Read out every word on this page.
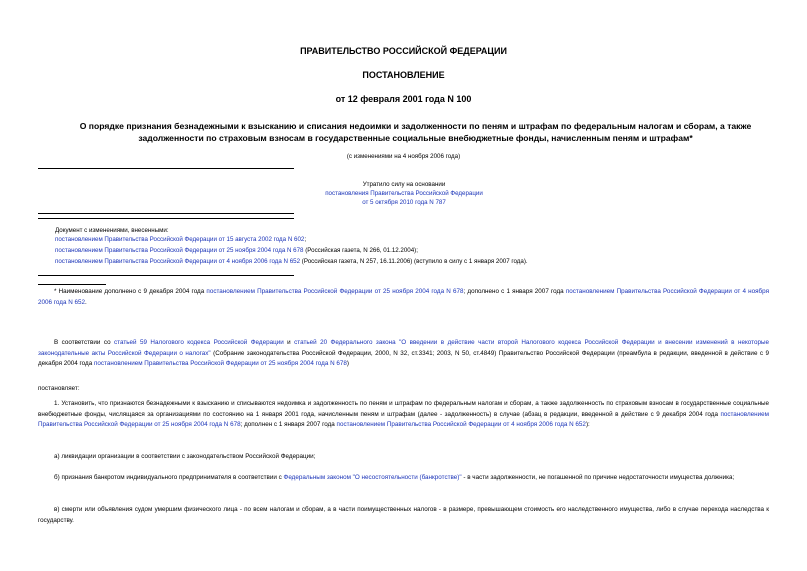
ПРАВИТЕЛЬСТВО РОССИЙСКОЙ ФЕДЕРАЦИИ
ПОСТАНОВЛЕНИЕ
от 12 февраля 2001 года N 100
О порядке признания безнадежными к взысканию и списания недоимки и задолженности по пеням и штрафам по федеральным налогам и сборам, а также
задолженности по страховым взносам в государственные социальные внебюджетные фонды, начисленным пеням и штрафам*
(с изменениями на 4 ноября 2006 года)
Утратило силу на основании
постановления Правительства Российской Федерации
от 5 октября 2010 года N 787
Документ с изменениями, внесенными:
постановлением Правительства Российской Федерации от 15 августа 2002 года N 602;
постановлением Правительства Российской Федерации от 25 ноября 2004 года N 678 (Российская газета, N 266, 01.12.2004);
постановлением Правительства Российской Федерации от 4 ноября 2006 года N 652 (Российская газета, N 257, 16.11.2006) (вступило в силу с 1 января 2007 года).
* Наименование дополнено с 9 декабря 2004 года постановлением Правительства Российской Федерации от 25 ноября 2004 года N 678; дополнено с 1 января 2007 года постановлением Правительства Российской Федерации от 4 ноября 2006 года N 652.
В соответствии со статьей 59 Налогового кодекса Российской Федерации и статьей 20 Федерального закона "О введении в действие части второй Налогового кодекса Российской Федерации и внесении изменений в некоторые законодательные акты Российской Федерации о налогах" (Собрание законодательства Российской Федерации, 2000, N 32, ст.3341; 2003, N 50, ст.4849) Правительство Российской Федерации (преамбула в редакции, введенной в действие с 9 декабря 2004 года постановлением Правительства Российской Федерации от 25 ноября 2004 года N 678)
постановляет:
1. Установить, что признаются безнадежными к взысканию и списываются недоимка и задолженность по пеням и штрафам по федеральным налогам и сборам, а также задолженность по страховым взносам в государственные социальные внебюджетные фонды, числящаяся за организациями по состоянию на 1 января 2001 года, начисленным пеням и штрафам (далее - задолженность) в случае (абзац в редакции, введенной в действие с 9 декабря 2004 года постановлением Правительства Российской Федерации от 25 ноября 2004 года N 678; дополнен с 1 января 2007 года постановлением Правительства Российской Федерации от 4 ноября 2006 года N 652):
а) ликвидации организации в соответствии с законодательством Российской Федерации;
б) признания банкротом индивидуального предпринимателя в соответствии с Федеральным законом "О несостоятельности (банкротстве)" - в части задолженности, не погашенной по причине недостаточности имущества должника;
в) смерти или объявления судом умершим физического лица - по всем налогам и сборам, а в части поимущественных налогов - в размере, превышающем стоимость его наследственного имущества, либо в случае перехода наследства к государству.
